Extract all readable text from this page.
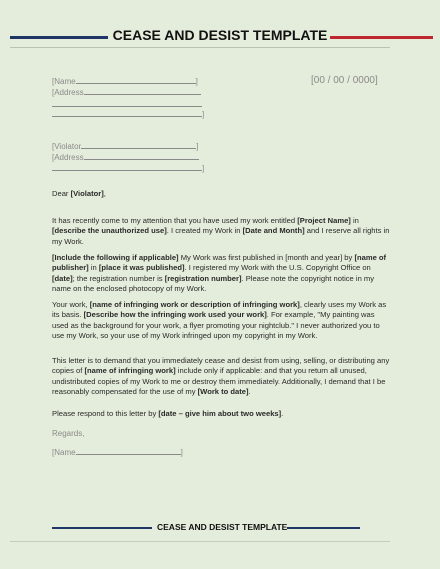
CEASE AND DESIST TEMPLATE
[Name	]
[Address
]
[00 / 00 / 0000]
[Violator	]
[Address
]
Dear [Violator],
It has recently come to my attention that you have used my work entitled [Project Name] in [describe the unauthorized use]. I created my Work in [Date and Month] and I reserve all rights in my Work.
[Include the following if applicable] My Work was first published in [month and year] by [name of publisher] in [place it was published]. I registered my Work with the U.S. Copyright Office on [date]; the registration number is [registration number]. Please note the copyright notice in my name on the enclosed photocopy of my Work.
Your work, [name of infringing work or description of infringing work], clearly uses my Work as its basis. [Describe how the infringing work used your work]. For example, "My painting was used as the background for your work, a flyer promoting your nightclub." I never authorized you to use my Work, so your use of my Work infringed upon my copyright in my Work.
This letter is to demand that you immediately cease and desist from using, selling, or distributing any copies of [name of infringing work] include only if applicable: and that you return all unused, undistributed copies of my Work to me or destroy them immediately. Additionally, I demand that I be reasonably compensated for the use of my [Work to date].
Please respond to this letter by [date – give him about two weeks].
Regards,
[Name	]
CEASE AND DESIST TEMPLATE
